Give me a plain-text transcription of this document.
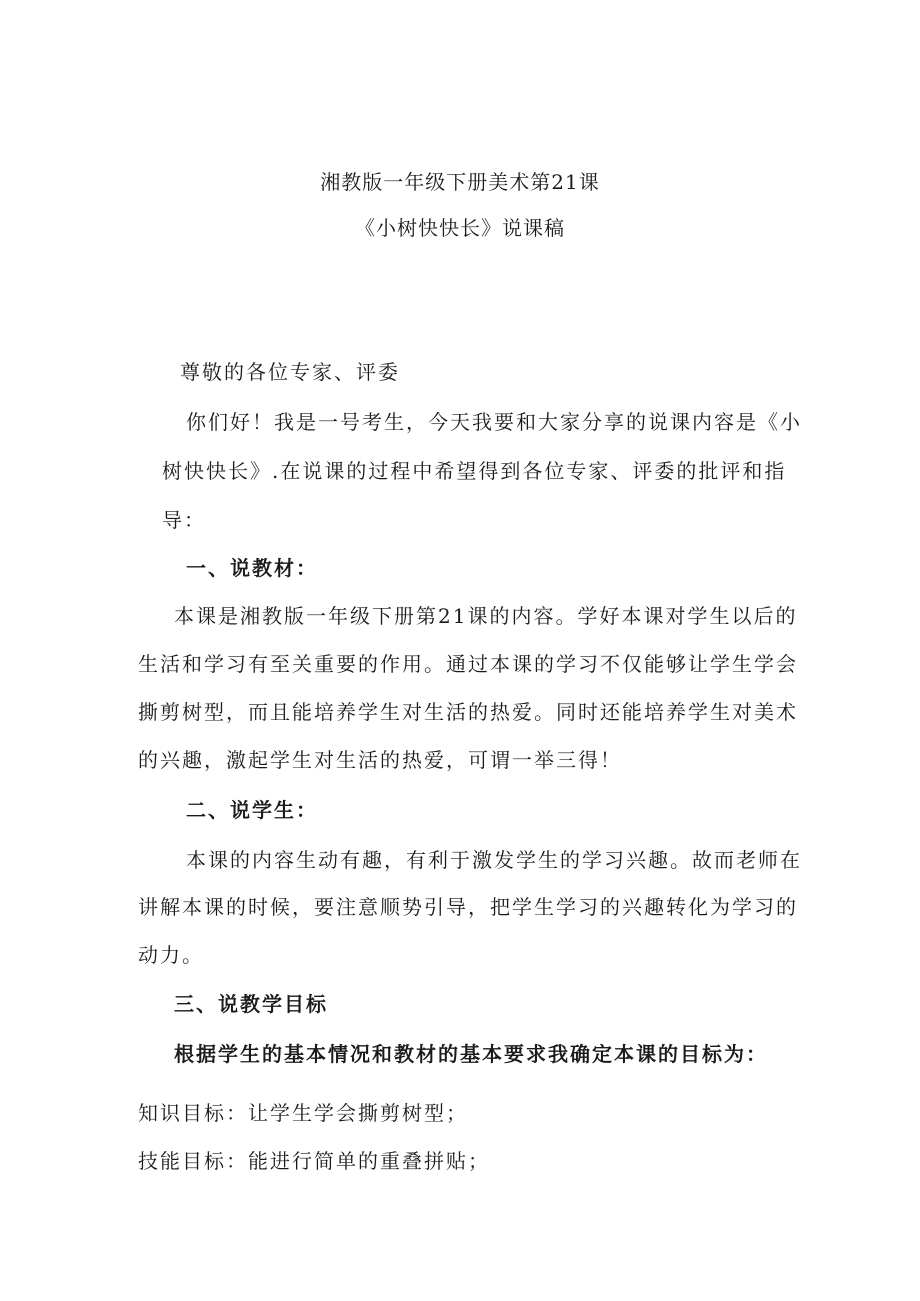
湘教版一年级下册美术第21课
《小树快快长》说课稿
尊敬的各位专家、评委
你们好！我是一号考生，今天我要和大家分享的说课内容是《小
树快快长》.在说课的过程中希望得到各位专家、评委的批评和指
导：
一、说教材：
本课是湘教版一年级下册第21课的内容。学好本课对学生以后的
生活和学习有至关重要的作用。通过本课的学习不仅能够让学生学会
撕剪树型，而且能培养学生对生活的热爱。同时还能培养学生对美术
的兴趣，激起学生对生活的热爱，可谓一举三得！
二、说学生：
本课的内容生动有趣，有利于激发学生的学习兴趣。故而老师在
讲解本课的时候，要注意顺势引导，把学生学习的兴趣转化为学习的
动力。
三、说教学目标
根据学生的基本情况和教材的基本要求我确定本课的目标为：
知识目标：让学生学会撕剪树型；
技能目标：能进行简单的重叠拼贴；
